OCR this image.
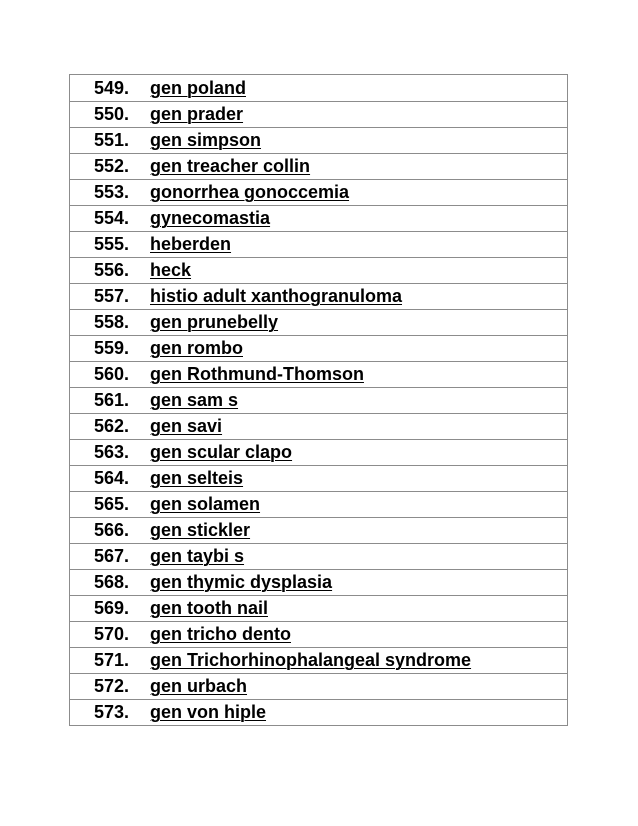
549.	gen poland

550.	gen prader

551.	gen simpson

552.	gen treacher collin

553.	gonorrhea gonoccemia

554.	gynecomastia

555.	heberden

556.	heck

557.	histio adult xanthogranuloma

558.	gen prunebelly

559.	gen rombo

560.	gen Rothmund-Thomson

561.	gen sam s

562.	gen savi

563.	gen scular clapo

564.	gen selteis

565.	gen solamen

566.	gen stickler

567.	gen taybi s

568.	gen thymic dysplasia

569.	gen tooth nail

570.	gen tricho dento

571.	gen Trichorhinophalangeal syndrome

572.	gen urbach

573.	gen von hiple
